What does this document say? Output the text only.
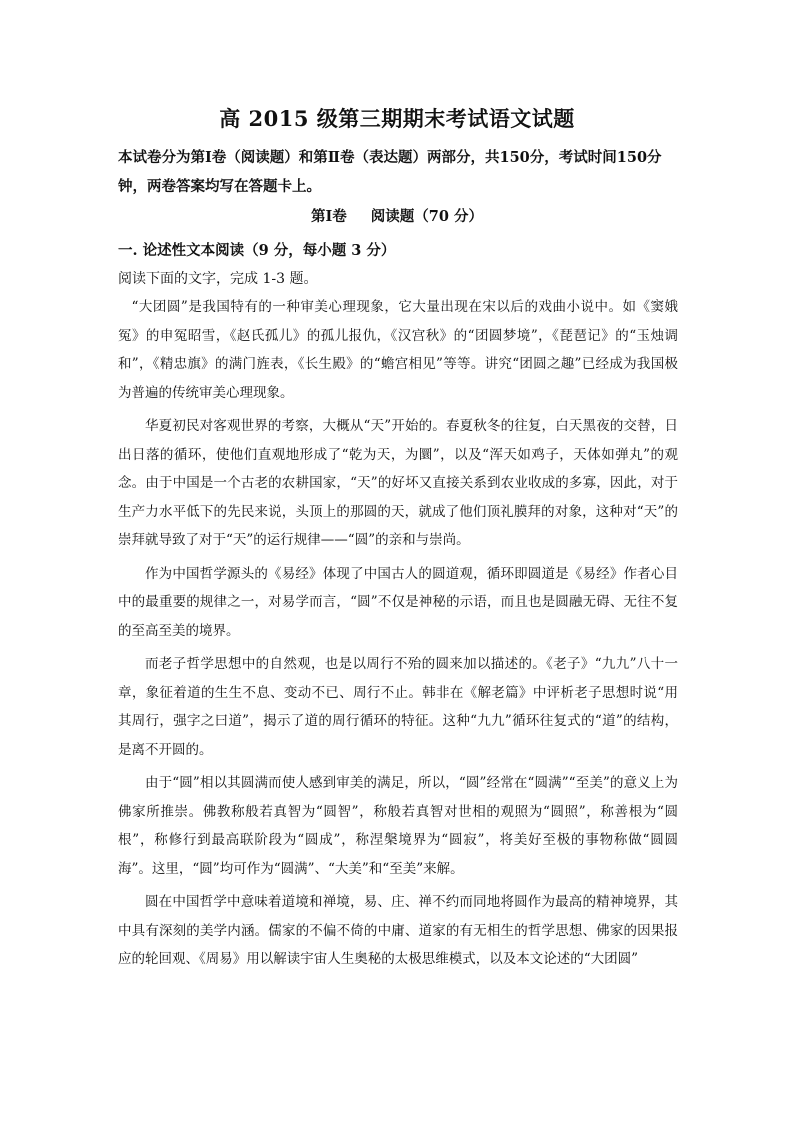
高 2015 级第三期期末考试语文试题
本试卷分为第Ⅰ卷（阅读题）和第Ⅱ卷（表达题）两部分，共150分，考试时间150分钟，两卷答案均写在答题卡上。
第Ⅰ卷 阅读题（70 分）
一. 论述性文本阅读（9 分，每小题 3 分）
阅读下面的文字，完成 1-3 题。

“大团圆”是我国特有的一种审美心理现象，它大量出现在宋以后的戏曲小说中。如《窦娥冤》的申冤昭雪，《赵氏孤儿》的孤儿报仇，《汉宫秋》的“团圆梦境”，《琵琶记》的“玉烛调和”，《精忠旗》的满门旌表，《长生殿》的“蟾宫相见”等等。讲究“团圆之趣”已经成为我国极为普遍的传统审美心理现象。

华夏初民对客观世界的考察，大概从“天”开始的。春夏秋冬的往复，白天黑夜的交替，日出日落的循环，使他们直观地形成了“乾为天，为圜”，以及“浑天如鸡子，天体如弹丸”的观念。由于中国是一个古老的农耕国家，“天”的好坏又直接关系到农业收成的多寡，因此，对于生产力水平低下的先民来说，头顶上的那圆的天，就成了他们顶礼膜拜的对象，这种对“天”的崇拜就导致了对于“天”的运行规律——“圆”的亲和与崇尚。

作为中国哲学源头的《易经》体现了中国古人的圆道观，循环即圆道是《易经》作者心目中的最重要的规律之一，对易学而言，“圆”不仅是神秘的示语，而且也是圆融无碍、无往不复的至高至美的境界。

而老子哲学思想中的自然观，也是以周行不殆的圆来加以描述的。《老子》“九九”八十一章，象征着道的生生不息、变动不已、周行不止。韩非在《解老篇》中评析老子思想时说“用其周行，强字之曰道”，揭示了道的周行循环的特征。这种“九九”循环往复式的“道”的结构，是离不开圆的。

由于“圆”相以其圆满而使人感到审美的满足，所以，“圆”经常在“圆满”“至美”的意义上为佛家所推崇。佛教称般若真智为“圆智”，称般若真智对世相的观照为“圆照”，称善根为“圆根”，称修行到最高联阶段为“圆成”，称涅槃境界为“圆寂”，将美好至极的事物称做“圆圆海”。这里，“圆”均可作为“圆满”、“大美”和“至美”来解。

圆在中国哲学中意味着道境和禅境，易、庄、禅不约而同地将圆作为最高的精神境界，其中具有深刻的美学内涵。儒家的不偏不倚的中庸、道家的有无相生的哲学思想、佛家的因果报应的轮回观、《周易》用以解读宇宙人生奥秘的太极思维模式，以及本文论述的“大团圆”
